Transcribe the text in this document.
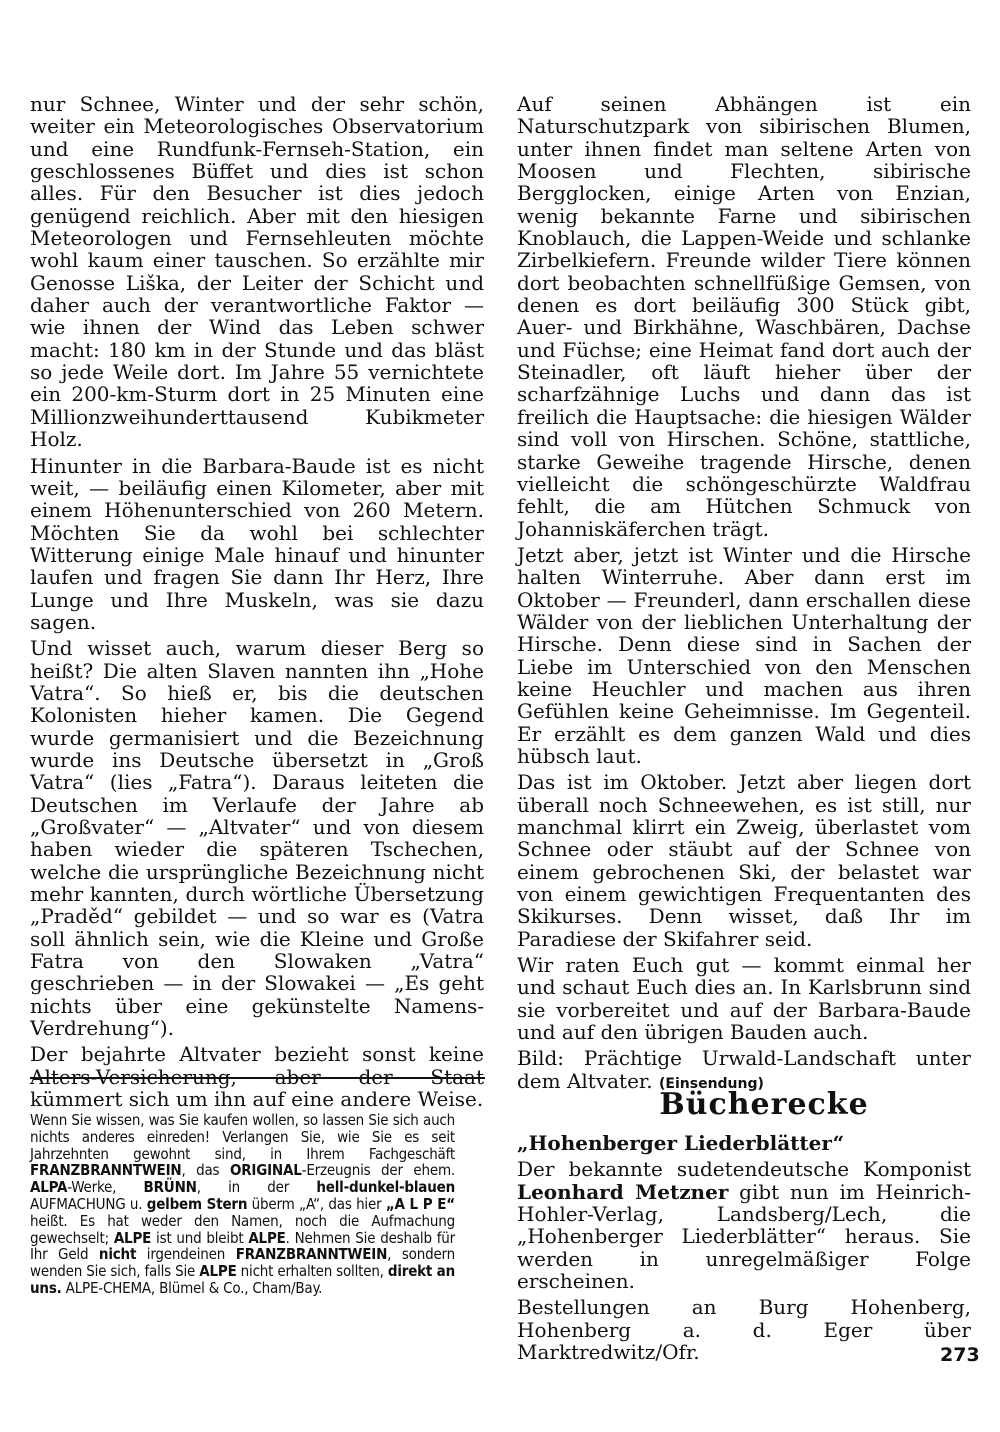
nur Schnee, Winter und der sehr schön, weiter ein Meteorologisches Observatorium und eine Rundfunk-Fernseh-Station, ein geschlossenes Büffet und dies ist schon alles. Für den Besucher ist dies jedoch genügend reichlich. Aber mit den hiesigen Meteorologen und Fernsehleuten möchte wohl kaum einer tauschen. So erzählte mir Genosse Liška, der Leiter der Schicht und daher auch der verantwortliche Faktor — wie ihnen der Wind das Leben schwer macht: 180 km in der Stunde und das bläst so jede Weile dort. Im Jahre 55 vernichtete ein 200-km-Sturm dort in 25 Minuten eine Millionzweihunderttausend Kubikmeter Holz.

Hinunter in die Barbara-Baude ist es nicht weit, — beiläufig einen Kilometer, aber mit einem Höhenunterschied von 260 Metern. Möchten Sie da wohl bei schlechter Witterung einige Male hinauf und hinunter laufen und fragen Sie dann Ihr Herz, Ihre Lunge und Ihre Muskeln, was sie dazu sagen.

Und wisset auch, warum dieser Berg so heißt? Die alten Slaven nannten ihn „Hohe Vatra“. So hieß er, bis die deutschen Kolonisten hieher kamen. Die Gegend wurde germanisiert und die Bezeichnung wurde ins Deutsche übersetzt in „Groß Vatra“ (lies „Fatra“). Daraus leiteten die Deutschen im Verlaufe der Jahre ab „Großvater“ — „Altvater“ und von diesem haben wieder die späteren Tschechen, welche die ursprüngliche Bezeichnung nicht mehr kannten, durch wörtliche Übersetzung „Praděd“ gebildet — und so war es (Vatra soll ähnlich sein, wie die Kleine und Große Fatra von den Slowaken „Vatra“ geschrieben — in der Slowakei — „Es geht nichts über eine gekünstelte Namens-Verdrehung“).

Der bejahrte Altvater bezieht sonst keine Alters-Versicherung, aber der Staat kümmert sich um ihn auf eine andere Weise.

Auf seinen Abhängen ist ein Naturschutzpark von sibirischen Blumen, unter ihnen findet man seltene Arten von Moosen und Flechten, sibirische Bergglocken, einige Arten von Enzian, wenig bekannte Farne und sibirischen Knoblauch, die Lappen-Weide und schlanke Zirbelkiefern. Freunde wilder Tiere können dort beobachten schnellfüßige Gemsen, von denen es dort beiläufig 300 Stück gibt, Auer- und Birkhähne, Waschbären, Dachse und Füchse; eine Heimat fand dort auch der Steinadler, oft läuft hieher über der scharfzähnige Luchs und dann das ist freilich die Hauptsache: die hiesigen Wälder sind voll von Hirschen. Schöne, stattliche, starke Geweihe tragende Hirsche, denen vielleicht die schöngeschürzte Waldfrau fehlt, die am Hütchen Schmuck von Johanniskäferchen trägt.

Jetzt aber, jetzt ist Winter und die Hirsche halten Winterruhe. Aber dann erst im Oktober — Freunderl, dann erschallen diese Wälder von der lieblichen Unterhaltung der Hirsche. Denn diese sind in Sachen der Liebe im Unterschied von den Menschen keine Heuchler und machen aus ihren Gefühlen keine Geheimnisse. Im Gegenteil. Er erzählt es dem ganzen Wald und dies hübsch laut.

Das ist im Oktober. Jetzt aber liegen dort überall noch Schneewehen, es ist still, nur manchmal klirrt ein Zweig, überlastet vom Schnee oder stäubt auf der Schnee von einem gebrochenen Ski, der belastet war von einem gewichtigen Frequentanten des Skikurses. Denn wisset, daß Ihr im Paradiese der Skifahrer seid.

Wir raten Euch gut — kommt einmal her und schaut Euch dies an. In Karlsbrunn sind sie vorbereitet und auf der Barbara-Baude und auf den übrigen Bauden auch.

Bild: Prächtige Urwald-Landschaft unter dem Altvater. (Einsendung)

Wenn Sie wissen, was Sie kaufen wollen, so lassen Sie sich auch nichts anderes einreden! Verlangen Sie, wie Sie es seit Jahrzehnten gewohnt sind, in Ihrem Fachgeschäft FRANZBRANNTWEIN, das ORIGINAL-Erzeugnis der ehem. ALPA-Werke, BRÜNN, in der hell-dunkel-blauen AUFMACHUNG u. gelbem Stern überm „A“, das hier „A L P E“ heißt. Es hat weder den Namen, noch die Aufmachung gewechselt; ALPE ist und bleibt ALPE. Nehmen Sie deshalb für Ihr Geld nicht irgendeinen FRANZBRANNTWEIN, sondern wenden Sie sich, falls Sie ALPE nicht erhalten sollten, direkt an uns. ALPE-CHEMA, Blümel & Co., Cham/Bay.
Bücherecke
„Hohenberger Liederblätter“

Der bekannte sudetendeutsche Komponist Leonhard Metzner gibt nun im Heinrich-Hohler-Verlag, Landsberg/Lech, die „Hohenberger Liederblätter“ heraus. Sie werden in unregelmäßiger Folge erscheinen.

Bestellungen an Burg Hohenberg, Hohenberg a. d. Eger über Marktredwitz/Ofr.	273
